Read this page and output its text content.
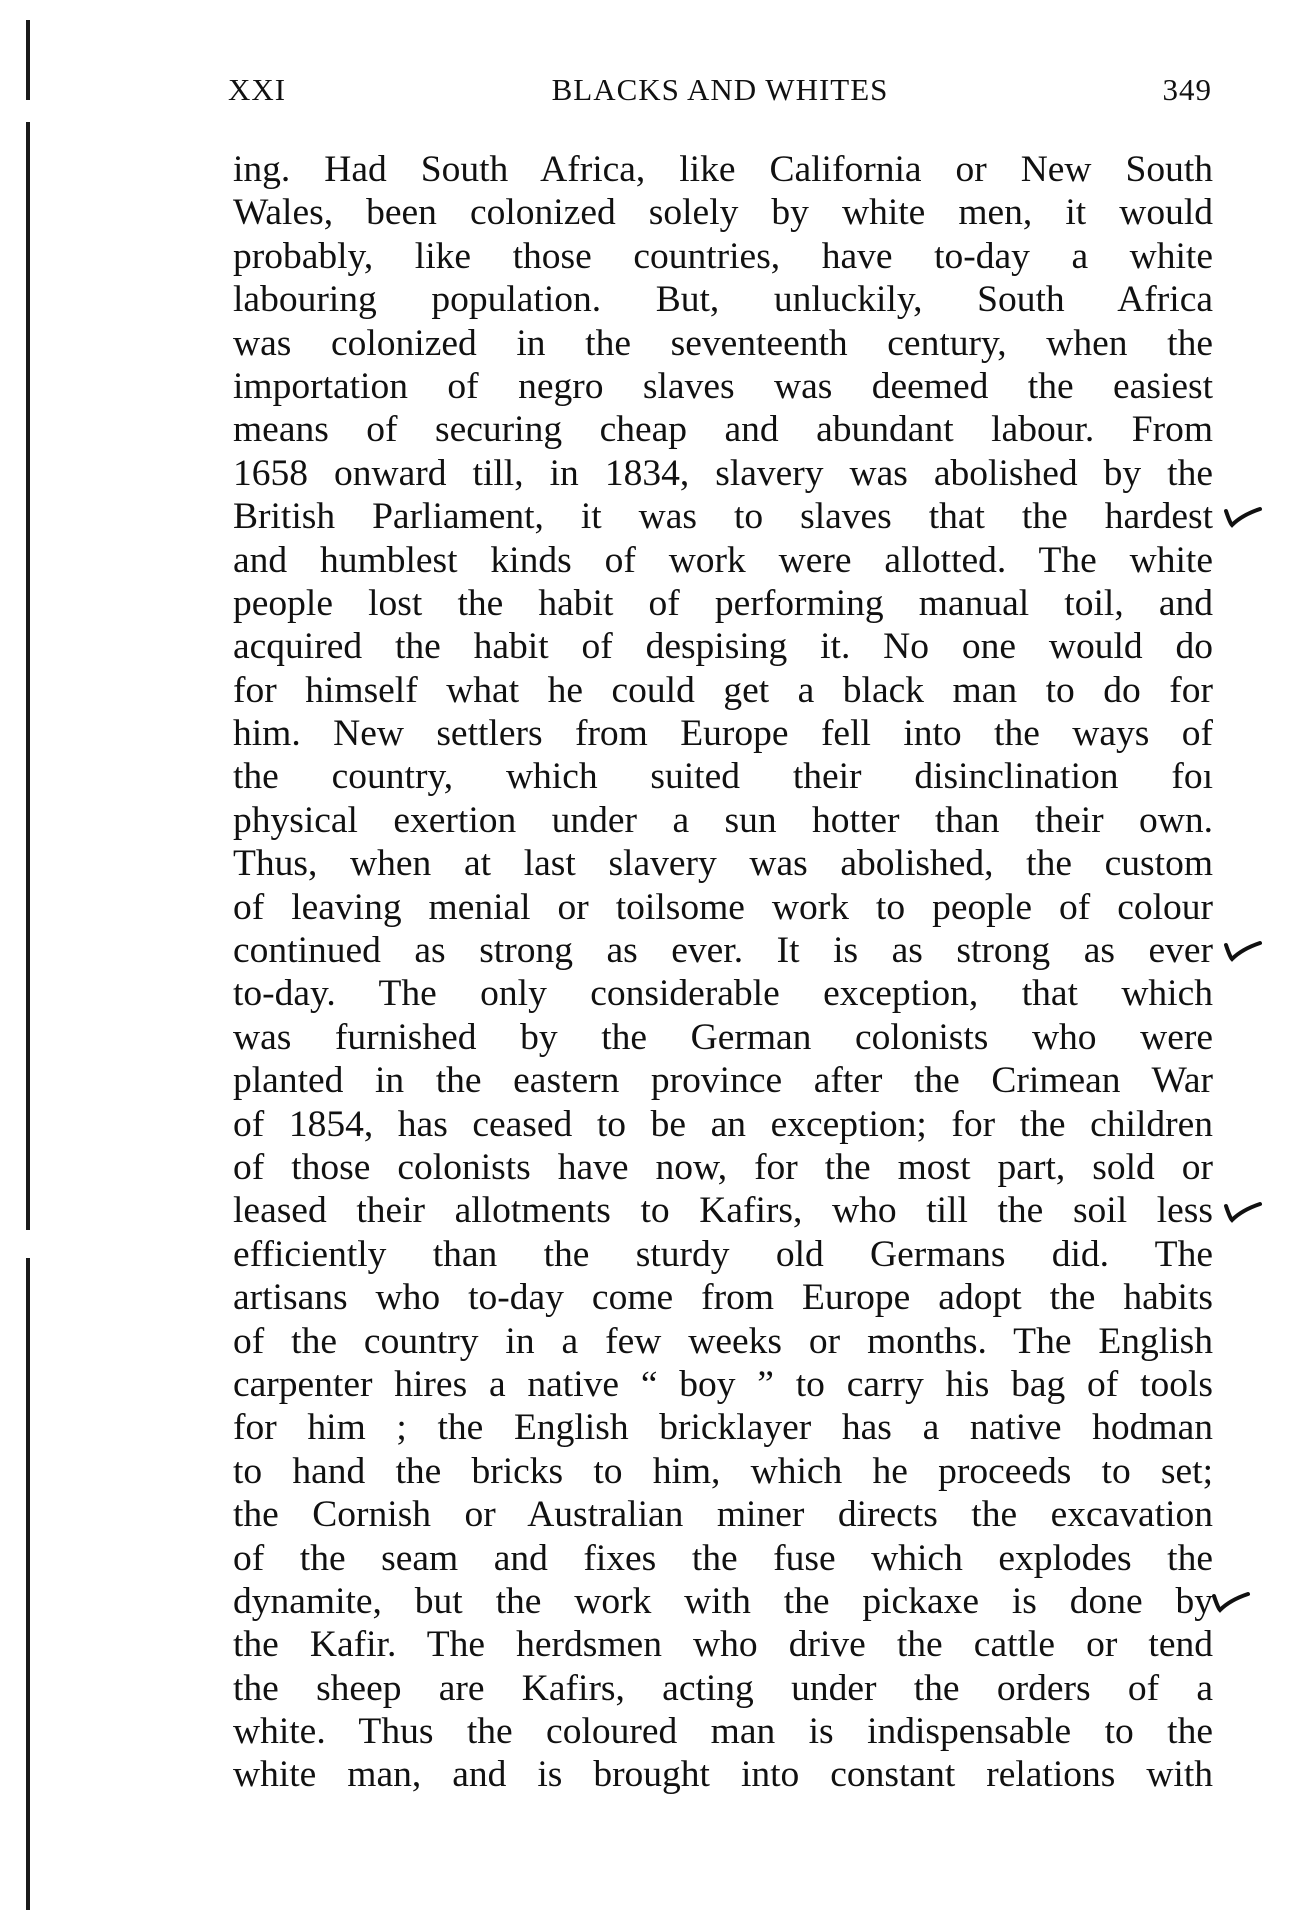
XXI	BLACKS AND WHITES	349
ing. Had South Africa, like California or New South
Wales, been colonized solely by white men, it would
probably, like those countries, have to-day a white
labouring population. But, unluckily, South Africa
was colonized in the seventeenth century, when the
importation of negro slaves was deemed the easiest
means of securing cheap and abundant labour. From
1658 onward till, in 1834, slavery was abolished by the
British Parliament, it was to slaves that the hardest
and humblest kinds of work were allotted. The white
people lost the habit of performing manual toil, and
acquired the habit of despising it. No one would do
for himself what he could get a black man to do for
him. New settlers from Europe fell into the ways of
the country, which suited their disinclination foı
physical exertion under a sun hotter than their own.
Thus, when at last slavery was abolished, the custom
of leaving menial or toilsome work to people of colour
continued as strong as ever. It is as strong as ever
to-day. The only considerable exception, that which
was furnished by the German colonists who were
planted in the eastern province after the Crimean War
of 1854, has ceased to be an exception; for the children
of those colonists have now, for the most part, sold or
leased their allotments to Kafirs, who till the soil less
efficiently than the sturdy old Germans did. The
artisans who to-day come from Europe adopt the habits
of the country in a few weeks or months. The English
carpenter hires a native “ boy ” to carry his bag of tools
for him ; the English bricklayer has a native hodman
to hand the bricks to him, which he proceeds to set;
the Cornish or Australian miner directs the excavation
of the seam and fixes the fuse which explodes the
dynamite, but the work with the pickaxe is done by
the Kafir. The herdsmen who drive the cattle or tend
the sheep are Kafirs, acting under the orders of a
white. Thus the coloured man is indispensable to the
white man, and is brought into constant relations with
